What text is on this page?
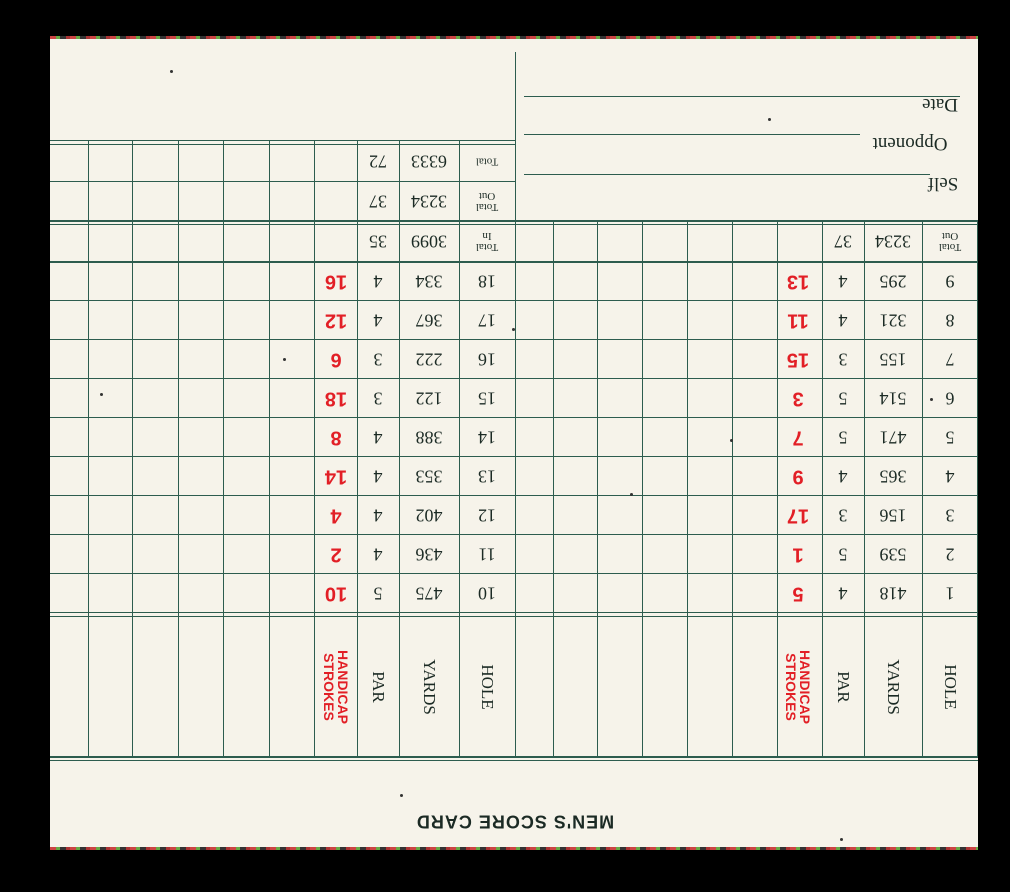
1
418
4
5
2
539
5
1
3
156
3
17
4
365
4
9
5
471
5
7
6
514
5
3
7
155
3
15
8
321
4
11
9
295
4
13
Total
Out
3234
37
10
475
5
10
11
436
4
2
12
402
4
4
13
353
4
14
14
388
4
8
15
122
3
18
16
222
3
6
17
367
4
12
18
334
4
16
Total
In
3099
35
Total
Out
3234
37
Total
6333
72
HOLE
YARDS
PAR
HANDICAP
STROKES
HOLE
YARDS
PAR
HANDICAP
STROKES
Date
Opponent
Self
MEN'S SCORE CARD
